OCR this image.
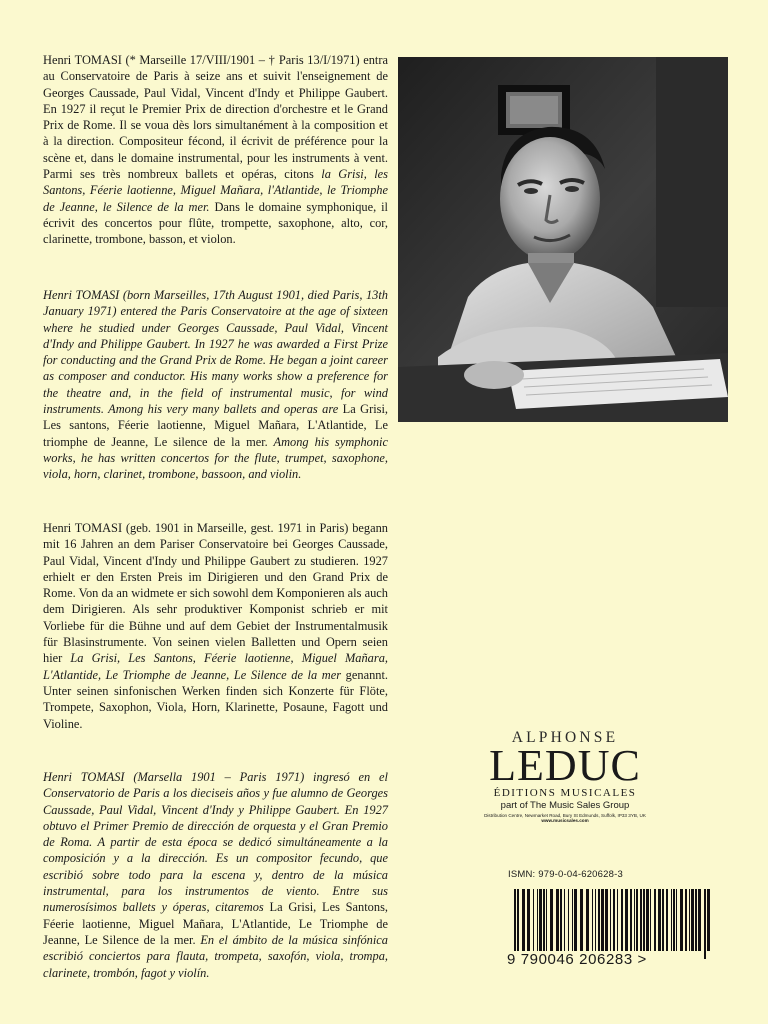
Henri TOMASI (* Marseille 17/VIII/1901 – † Paris 13/I/1971) entra au Conservatoire de Paris à seize ans et suivit l'enseignement de Georges Caussade, Paul Vidal, Vincent d'Indy et Philippe Gaubert. En 1927 il reçut le Premier Prix de direction d'orchestre et le Grand Prix de Rome. Il se voua dès lors simultanément à la composition et à la direction. Compositeur fécond, il écrivit de préférence pour la scène et, dans le domaine instrumental, pour les instruments à vent. Parmi ses très nombreux ballets et opéras, citons la Grisi, les Santons, Féerie laotienne, Miguel Mañara, l'Atlantide, le Triomphe de Jeanne, le Silence de la mer. Dans le domaine symphonique, il écrivit des concertos pour flûte, trompette, saxophone, alto, cor, clarinette, trombone, basson, et violon.

Henri TOMASI (born Marseilles, 17th August 1901, died Paris, 13th January 1971) entered the Paris Conservatoire at the age of sixteen where he studied under Georges Caussade, Paul Vidal, Vincent d'Indy and Philippe Gaubert. In 1927 he was awarded a First Prize for conducting and the Grand Prix de Rome. He began a joint career as composer and conductor. His many works show a preference for the theatre and, in the field of instrumental music, for wind instruments. Among his very many ballets and operas are La Grisi, Les santons, Féerie laotienne, Miguel Mañara, L'Atlantide, Le triomphe de Jeanne, Le silence de la mer. Among his symphonic works, he has written concertos for the flute, trumpet, saxophone, viola, horn, clarinet, trombone, bassoon, and violin.

Henri TOMASI (geb. 1901 in Marseille, gest. 1971 in Paris) begann mit 16 Jahren an dem Pariser Conservatoire bei Georges Caussade, Paul Vidal, Vincent d'Indy und Philippe Gaubert zu studieren. 1927 erhielt er den Ersten Preis im Dirigieren und den Grand Prix de Rome. Von da an widmete er sich sowohl dem Komponieren als auch dem Dirigieren. Als sehr produktiver Komponist schrieb er mit Vorliebe für die Bühne und auf dem Gebiet der Instrumentalmusik für Blasinstrumente. Von seinen vielen Balletten und Opern seien hier La Grisi, Les Santons, Féerie laotienne, Miguel Mañara, L'Atlantide, Le Triomphe de Jeanne, Le Silence de la mer genannt. Unter seinen sinfonischen Werken finden sich Konzerte für Flöte, Trompete, Saxophon, Viola, Horn, Klarinette, Posaune, Fagott und Violine.

Henri TOMASI (Marsella 1901 – Paris 1971) ingresó en el Conservatorio de Paris a los dieciseis años y fue alumno de Georges Caussade, Paul Vidal, Vincent d'Indy y Philippe Gaubert. En 1927 obtuvo el Primer Premio de dirección de orquesta y el Gran Premio de Roma. A partir de esta época se dedicó simultáneamente a la composición y a la dirección. Es un compositor fecundo, que escribió sobre todo para la escena y, dentro de la música instrumental, para los instrumentos de viento. Entre sus numerosísimos ballets y óperas, citaremos La Grisi, Les Santons, Féerie laotienne, Miguel Mañara, L'Atlantide, Le Triomphe de Jeanne, Le Silence de la mer. En el ámbito de la música sinfónica escribió conciertos para flauta, trompeta, saxofón, viola, trompa, clarinete, trombón, fagot y violín.

ALPHONSE
LEDUC
ÉDITIONS MUSICALES
part of The Music Sales Group
Distribution Centre, Newmarket Road, Bury St Edmunds, Suffolk, IP33 3YB, UK
www.musicsales.com
ISMN: 979-0-04-620628-3
9 790046 206283 >
